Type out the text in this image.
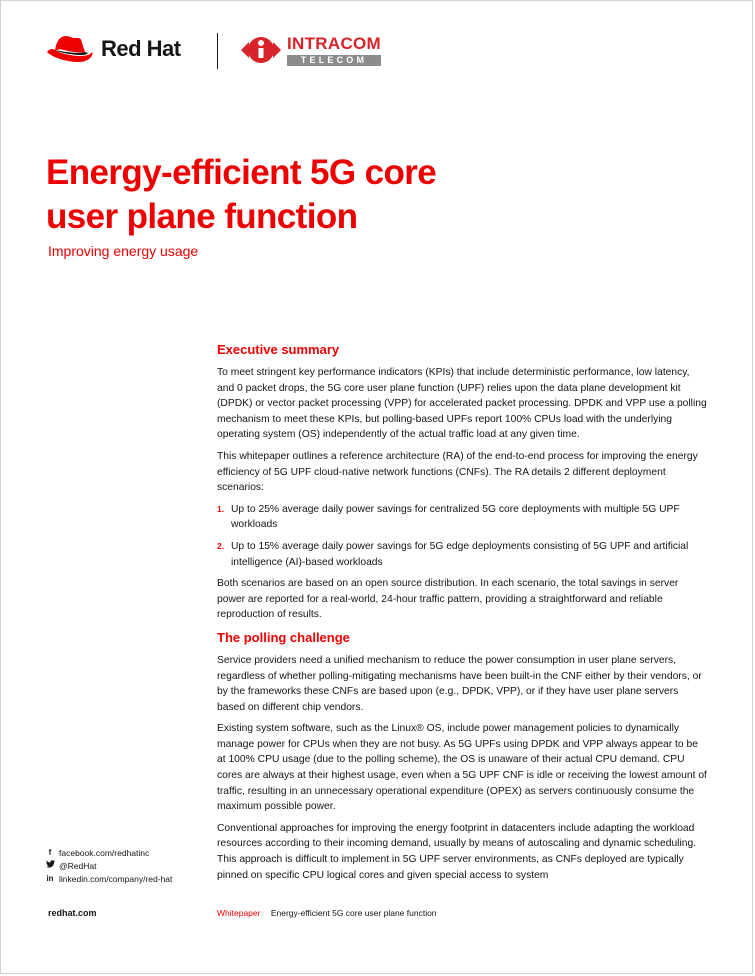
Red Hat	INTRACOM
TELECOM
Energy-efficient 5G core
user plane function

Improving energy usage

Executive summary

To meet stringent key performance indicators (KPIs) that include deterministic performance, low latency, and 0 packet drops, the 5G core user plane function (UPF) relies upon the data plane development kit (DPDK) or vector packet processing (VPP) for accelerated packet processing. DPDK and VPP use a polling mechanism to meet these KPIs, but polling-based UPFs report 100% CPUs load with the underlying operating system (OS) independently of the actual traffic load at any given time.

This whitepaper outlines a reference architecture (RA) of the end-to-end process for improving the energy efficiency of 5G UPF cloud-native network functions (CNFs). The RA details 2 different deployment scenarios:

1. Up to 25% average daily power savings for centralized 5G core deployments with multiple 5G UPF workloads
2. Up to 15% average daily power savings for 5G edge deployments consisting of 5G UPF and artificial intelligence (AI)-based workloads

Both scenarios are based on an open source distribution. In each scenario, the total savings in server power are reported for a real-world, 24-hour traffic pattern, providing a straightforward and reliable reproduction of results.

The polling challenge

Service providers need a unified mechanism to reduce the power consumption in user plane servers, regardless of whether polling-mitigating mechanisms have been built-in the CNF either by their vendors, or by the frameworks these CNFs are based upon (e.g., DPDK, VPP), or if they have user plane servers based on different chip vendors.

Existing system software, such as the Linux® OS, include power management policies to dynamically manage power for CPUs when they are not busy. As 5G UPFs using DPDK and VPP always appear to be at 100% CPU usage (due to the polling scheme), the OS is unaware of their actual CPU demand. CPU cores are always at their highest usage, even when a 5G UPF CNF is idle or receiving the lowest amount of traffic, resulting in an unnecessary operational expenditure (OPEX) as servers continuously consume the maximum possible power.

Conventional approaches for improving the energy footprint in datacenters include adapting the workload resources according to their incoming demand, usually by means of autoscaling and dynamic scheduling. This approach is difficult to implement in 5G UPF server environments, as CNFs deployed are typically pinned on specific CPU logical cores and given special access to system

f facebook.com/redhatinc
@RedHat
in linkedin.com/company/red-hat
redhat.com	Whitepaper Energy-efficient 5G core user plane function
